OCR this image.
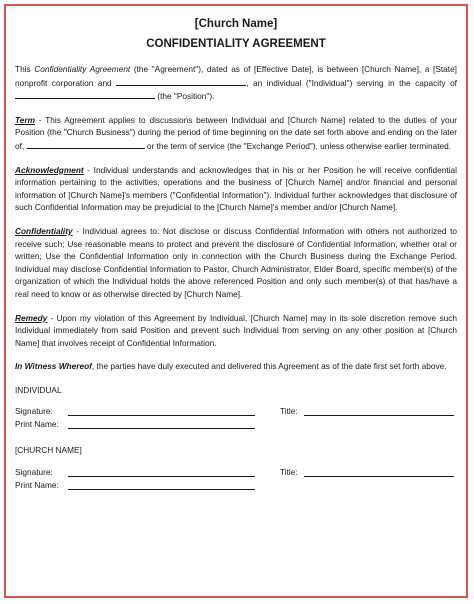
[Church Name]
CONFIDENTIALITY AGREEMENT

This Confidentiality Agreement (the "Agreement"), dated as of [Effective Date], is between [Church Name], a [State] nonprofit corporation and	, an individual ("Individual") serving in the capacity of  (the "Position").

Term - This Agreement applies to discussions between Individual and [Church Name] related to the duties of your Position (the "Church Business") during the period of time beginning on the date set forth above and ending on the later of,	or the term of service (the "Exchange Period"), unless otherwise earlier terminated.

Acknowledgment - Individual understands and acknowledges that in his or her Position he will receive confidential information pertaining to the activities, operations and the business of [Church Name] and/or financial and personal information of [Church Name]'s members ("Confidential Information"). Individual further acknowledges that disclosure of such Confidential Information may be prejudicial to the [Church Name]'s member and/or [Church Name].

Confidentiality - Individual agrees to: Not disclose or discuss Confidential Information with others not authorized to receive such; Use reasonable means to protect and prevent the disclosure of Confidential Information, whether oral or written; Use the Confidential Information only in connection with the Church Business during the Exchange Period. Individual may disclose Confidential Information to Pastor, Church Administrator, Elder Board, specific member(s) of the organization of which the Individual holds the above referenced Position and only such member(s) of that has/have a real need to know or as otherwise directed by [Church Name].

Remedy - Upon my violation of this Agreement by Individual, [Church Name] may in its sole discretion remove such Individual immediately from said Position and prevent such Individual from serving on any other position at [Church Name] that involves receipt of Confidential Information.

In Witness Whereof, the parties have duly executed and delivered this Agreement as of the date first set forth above.

INDIVIDUAL
Signature:	Title:
Print Name:
[CHURCH NAME]
Signature:	Title:
Print Name:
